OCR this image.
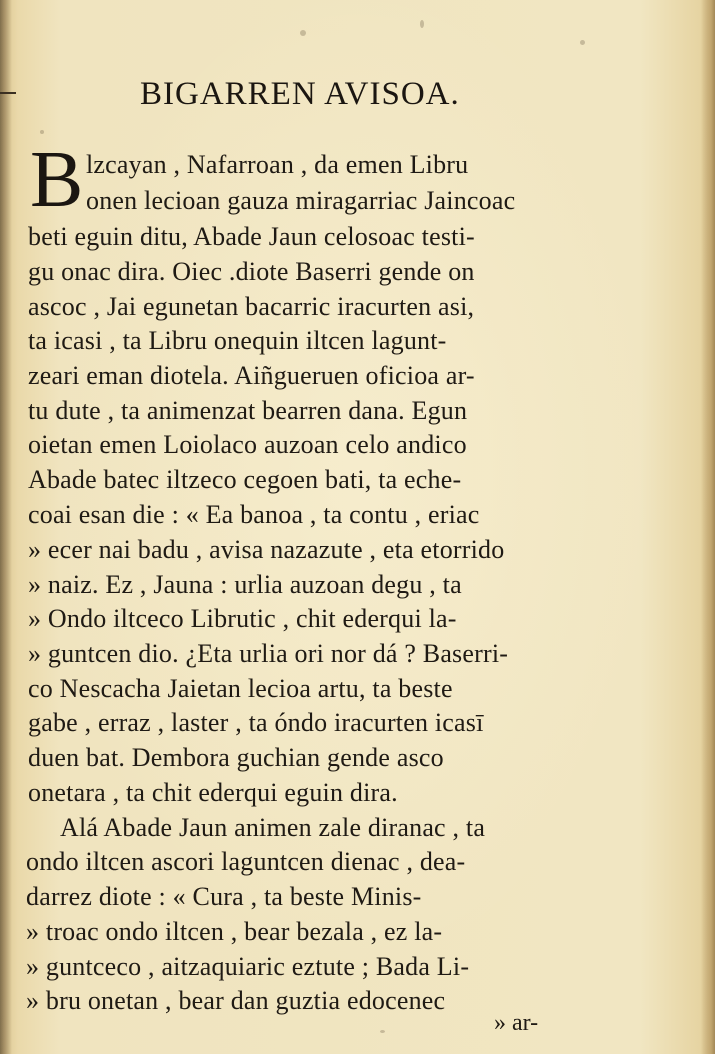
BIGARREN AVISOA.
B lzcayan , Nafarroan , da emen Libru
onen lecioan gauza miragarriac Jaincoac
beti eguin ditu, Abade Jaun celosoac testi-
gu onac dira. Oiec .diote Baserri gende on
ascoc , Jai egunetan bacarric iracurten asi,
ta icasi , ta Libru onequin iltcen lagunt-
zeari eman diotela. Aiñgueruen oficioa ar-
tu dute , ta animenzat bearren dana. Egun
oietan emen Loiolaco auzoan celo andico
Abade batec iltzeco cegoen bati, ta eche-
coai esan die : « Ea banoa , ta contu , eriac
» ecer nai badu , avisa nazazute , eta etorrido
» naiz. Ez , Jauna : urlia auzoan degu , ta
» Ondo iltceco Librutic , chit ederqui la-
» guntcen dio. ¿Eta urlia ori nor dá ? Baserri-
co Nescacha Jaietan lecioa artu, ta beste
gabe , erraz , laster , ta óndo iracurten icasī
duen bat. Dembora guchian gende asco
onetara , ta chit ederqui eguin dira.
Alá Abade Jaun animen zale diranac , ta
ondo iltcen ascori laguntcen dienac , dea-
darrez diote : « Cura , ta beste Minis-
» troac ondo iltcen , bear bezala , ez la-
» guntceco , aitzaquiaric eztute ; Bada Li-
» bru onetan , bear dan guztia edocenec
» ar-
